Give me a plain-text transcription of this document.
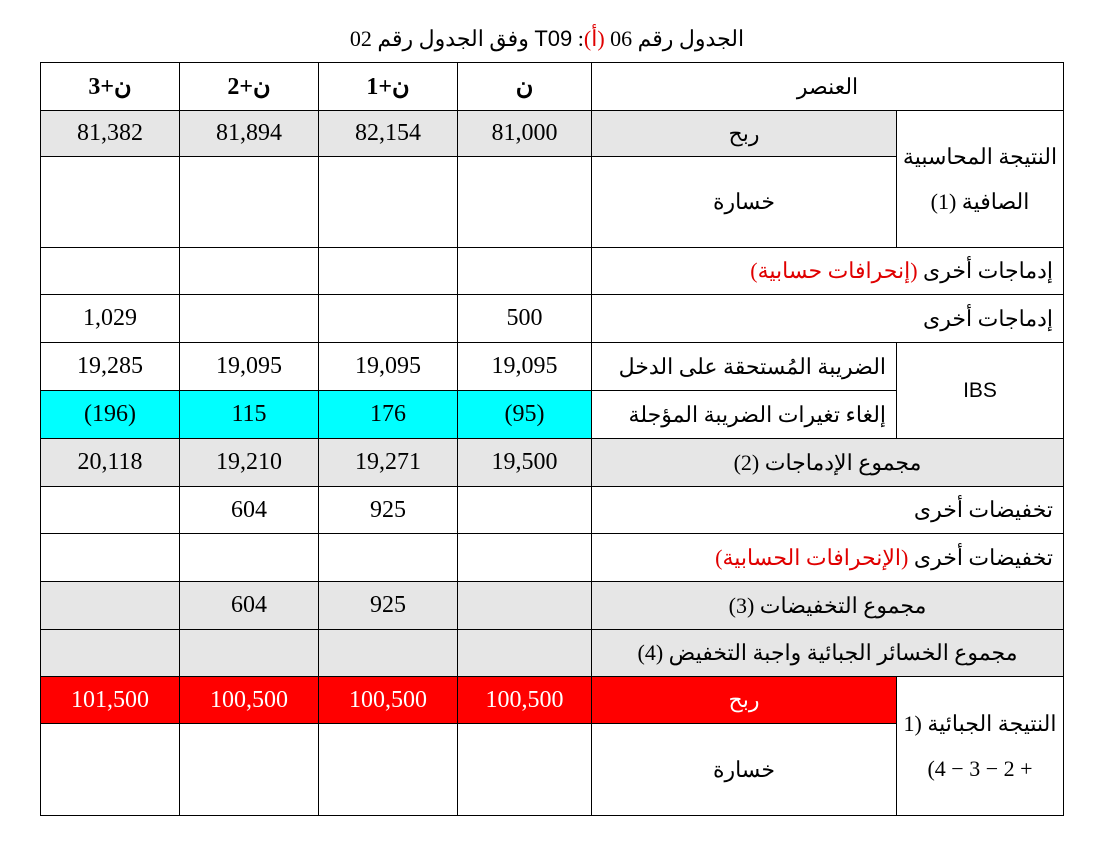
الجدول رقم 06 (أ): T09 وفق الجدول رقم 02
العنصر		ن	ن+1	ن+2	ن+3
النتيجة المحاسبية الصافية (1)	ربح	81,000	82,154	81,894	81,382
	خسارة				
إدماجات أخرى (إنحرافات حسابية)					
إدماجات أخرى		500			1,029
IBS	الضريبة المُستحقة على الدخل	19,095	19,095	19,095	19,285
	إلغاء تغيرات الضريبة المؤجلة	(95)	176	115	(196)
مجموع الإدماجات (2)		19,500	19,271	19,210	20,118
تخفيضات أخرى			925	604	
تخفيضات أخرى (الإنحرافات الحسابية)					
مجموع التخفيضات (3)			925	604	
مجموع الخسائر الجبائية واجبة التخفيض (4)					
النتيجة الجبائية (1 + 2 − 3 − 4)	ربح	100,500	100,500	100,500	101,500
	خسارة				
